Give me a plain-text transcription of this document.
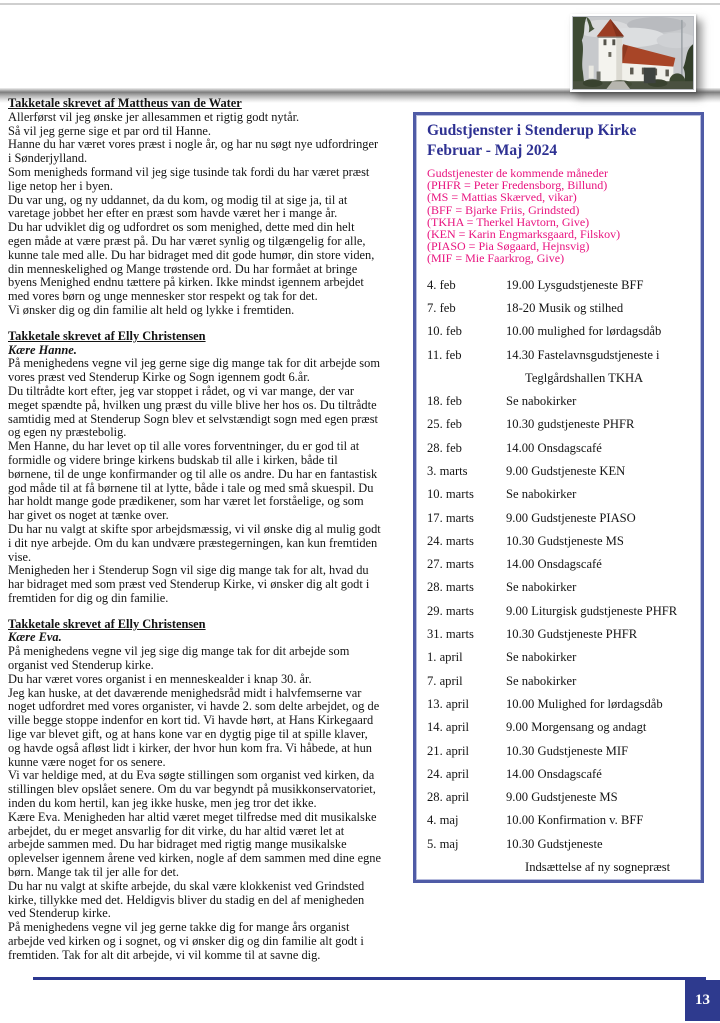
Takketale skrevet af Mattheus van de Water
Allerførst vil jeg ønske jer allesammen et rigtig godt nytår.
Så vil jeg gerne sige et par ord til Hanne.
Hanne du har været vores præst i nogle år, og har nu søgt nye udfordringer
i Sønderjylland.
Som menigheds formand vil jeg sige tusinde tak fordi du har været præst
lige netop her i byen.
Du var ung, og ny uddannet, da du kom, og modig til at sige ja, til at
varetage jobbet her efter en præst som havde været her i mange år.
Du har udviklet dig og udfordret os som menighed, dette med din helt
egen måde at være præst på. Du har været synlig og tilgængelig for alle,
kunne tale med alle. Du har bidraget med dit gode humør, din store viden,
din menneskelighed og Mange trøstende ord. Du har formået at bringe
byens Menighed endnu tættere på kirken. Ikke mindst igennem arbejdet
med vores børn og unge mennesker stor respekt og tak for det.
Vi ønsker dig og din familie alt held og lykke i fremtiden.
Takketale skrevet af Elly Christensen
Kære Hanne.
På menighedens vegne vil jeg gerne sige dig mange tak for dit arbejde som
vores præst ved Stenderup Kirke og Sogn igennem godt 6.år.
Du tiltrådte kort efter, jeg var stoppet i rådet, og vi var mange, der var
meget spændte på, hvilken ung præst du ville blive her hos os. Du tiltrådte
samtidig med at Stenderup Sogn blev et selvstændigt sogn med egen præst
og egen ny præstebolig.
Men Hanne, du har levet op til alle vores forventninger, du er god til at
formidle og videre bringe kirkens budskab til alle i kirken, både til
børnene, til de unge konfirmander og til alle os andre. Du har en fantastisk
god måde til at få børnene til at lytte, både i tale og med små skuespil. Du
har holdt mange gode prædikener, som har været let forståelige, og som
har givet os noget at tænke over.
Du har nu valgt at skifte spor arbejdsmæssig, vi vil ønske dig al mulig godt
i dit nye arbejde. Om du kan undvære præstegerningen, kan kun fremtiden
vise.
Menigheden her i Stenderup Sogn vil sige dig mange tak for alt, hvad du
har bidraget med som præst ved Stenderup Kirke, vi ønsker dig alt godt i
fremtiden for dig og din familie.
Takketale skrevet af Elly Christensen
Kære Eva.
På menighedens vegne vil jeg sige dig mange tak for dit arbejde som
organist ved Stenderup kirke.
Du har været vores organist i en menneskealder i knap 30. år.
Jeg kan huske, at det daværende menighedsråd midt i halvfemserne var
noget udfordret med vores organister, vi havde 2. som delte arbejdet, og de
ville begge stoppe indenfor en kort tid. Vi havde hørt, at Hans Kirkegaard
lige var blevet gift, og at hans kone var en dygtig pige til at spille klaver,
og havde også afløst lidt i kirker, der hvor hun kom fra. Vi håbede, at hun
kunne være noget for os senere.
Vi var heldige med, at du Eva søgte stillingen som organist ved kirken, da
stillingen blev opslået senere. Om du var begyndt på musikkonservatoriet,
inden du kom hertil, kan jeg ikke huske, men jeg tror det ikke.
Kære Eva. Menigheden har altid været meget tilfredse med dit musikalske
arbejdet, du er meget ansvarlig for dit virke, du har altid været let at
arbejde sammen med. Du har bidraget med rigtig mange musikalske
oplevelser igennem årene ved kirken, nogle af dem sammen med dine egne
børn. Mange tak til jer alle for det.
Du har nu valgt at skifte arbejde, du skal være klokkenist ved Grindsted
kirke, tillykke med det. Heldigvis bliver du stadig en del af menigheden
ved Stenderup kirke.
På menighedens vegne vil jeg gerne takke dig for mange års organist
arbejde ved kirken og i sognet, og vi ønsker dig og din familie alt godt i
fremtiden. Tak for alt dit arbejde, vi vil komme til at savne dig.
Gudstjenster i Stenderup Kirke
Februar - Maj 2024
Gudstjenester de kommende måneder
(PHFR = Peter Fredensborg, Billund)
(MS = Mattias Skærved, vikar)
(BFF = Bjarke Friis, Grindsted)
(TKHA = Therkel Havtorn, Give)
(KEN = Karin Engmarksgaard, Filskov)
(PIASO = Pia Søgaard, Hejnsvig)
(MIF = Mie Faarkrog, Give)
4. feb	19.00 Lysgudstjeneste BFF
7. feb	18-20 Musik og stilhed
10. feb	10.00 mulighed for lørdagsdåb
11. feb	14.30 Fastelavnsgudstjeneste i
Teglgårdshallen TKHA
18. feb	Se nabokirker
25. feb	10.30 gudstjeneste PHFR
28. feb	14.00 Onsdagscafé
3. marts	9.00 Gudstjeneste KEN
10. marts	Se nabokirker
17. marts	9.00 Gudstjeneste PIASO
24. marts	10.30 Gudstjeneste MS
27. marts	14.00 Onsdagscafé
28. marts	Se nabokirker
29. marts	9.00 Liturgisk gudstjeneste PHFR
31. marts	10.30 Gudstjeneste PHFR
1. april	Se nabokirker
7. april	Se nabokirker
13. april	10.00 Mulighed for lørdagsdåb
14. april	9.00 Morgensang og andagt
21. april	10.30 Gudstjeneste MIF
24. april	14.00 Onsdagscafé
28. april	9.00 Gudstjeneste MS
4. maj	10.00 Konfirmation v. BFF
5. maj	10.30 Gudstjeneste
Indsættelse af ny sognepræst
13
